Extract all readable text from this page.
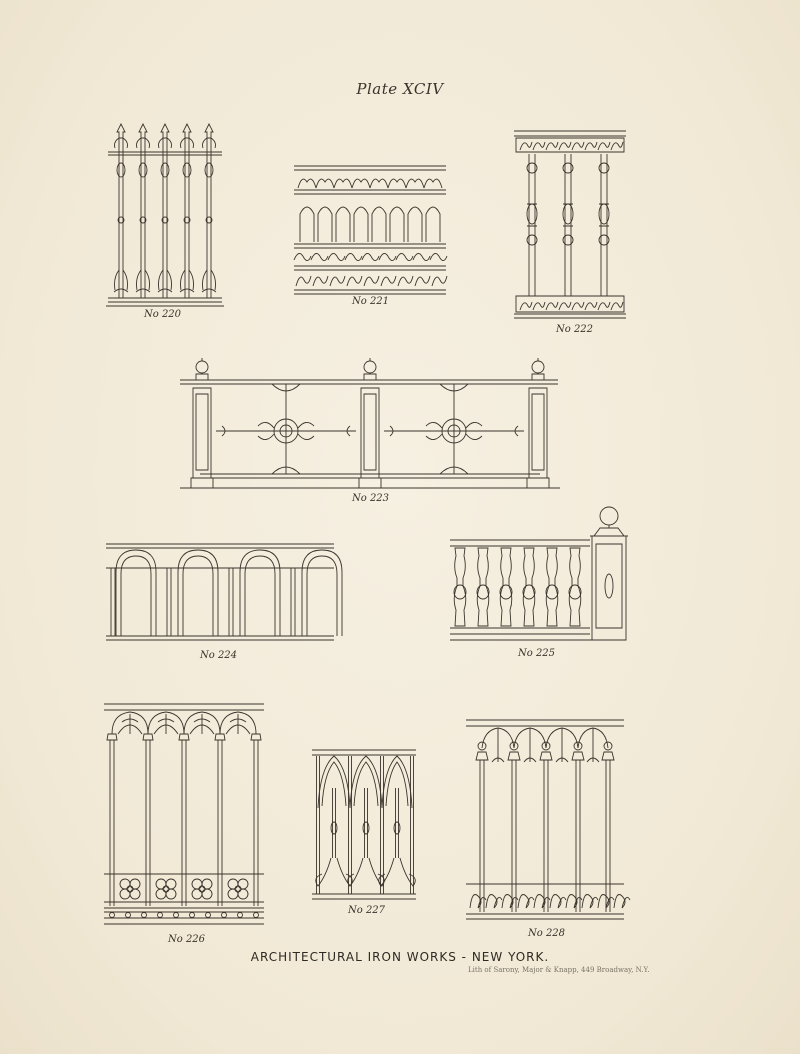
Plate XCIV
No 220
No 221
No 222
No 223
No 224	No 225
No 226
No 227
No 228
ARCHITECTURAL IRON WORKS - NEW YORK.
Lith of Sarony, Major & Knapp, 449 Broadway, N.Y.
